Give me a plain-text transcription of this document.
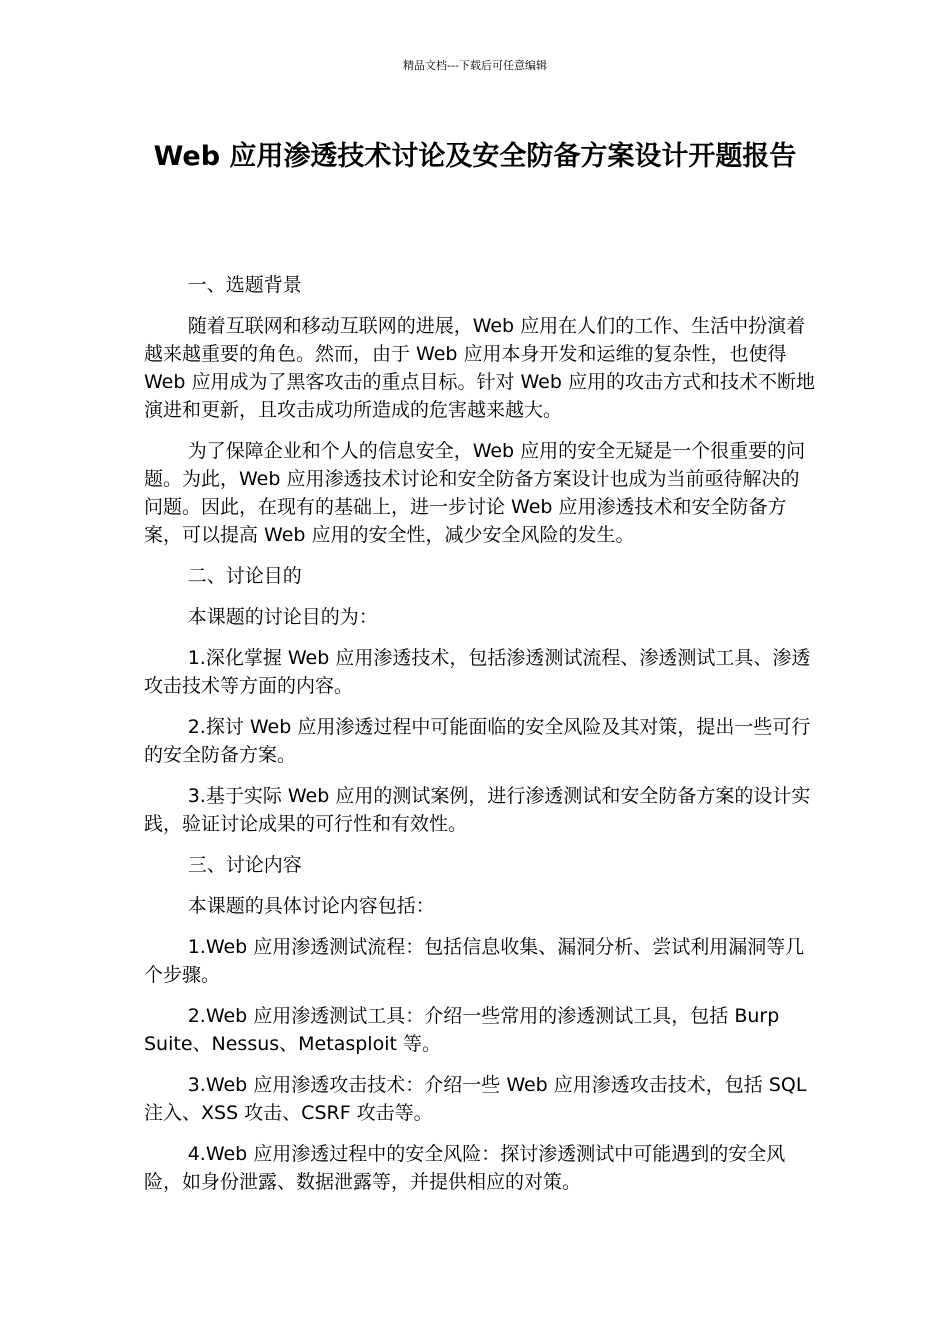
精品文档---下载后可任意编辑
Web 应用渗透技术讨论及安全防备方案设计开题报告

一、选题背景

随着互联网和移动互联网的进展，Web 应用在人们的工作、生活中扮演着越来越重要的角色。然而，由于 Web 应用本身开发和运维的复杂性，也使得 Web 应用成为了黑客攻击的重点目标。针对 Web 应用的攻击方式和技术不断地演进和更新，且攻击成功所造成的危害越来越大。

为了保障企业和个人的信息安全，Web 应用的安全无疑是一个很重要的问题。为此，Web 应用渗透技术讨论和安全防备方案设计也成为当前亟待解决的问题。因此，在现有的基础上，进一步讨论 Web 应用渗透技术和安全防备方案，可以提高 Web 应用的安全性，减少安全风险的发生。

二、讨论目的

本课题的讨论目的为：

1.深化掌握 Web 应用渗透技术，包括渗透测试流程、渗透测试工具、渗透攻击技术等方面的内容。

2.探讨 Web 应用渗透过程中可能面临的安全风险及其对策，提出一些可行的安全防备方案。

3.基于实际 Web 应用的测试案例，进行渗透测试和安全防备方案的设计实践，验证讨论成果的可行性和有效性。

三、讨论内容

本课题的具体讨论内容包括：

1.Web 应用渗透测试流程：包括信息收集、漏洞分析、尝试利用漏洞等几个步骤。

2.Web 应用渗透测试工具：介绍一些常用的渗透测试工具，包括 Burp Suite、Nessus、Metasploit 等。

3.Web 应用渗透攻击技术：介绍一些 Web 应用渗透攻击技术，包括 SQL 注入、XSS 攻击、CSRF 攻击等。

4.Web 应用渗透过程中的安全风险：探讨渗透测试中可能遇到的安全风险，如身份泄露、数据泄露等，并提供相应的对策。
